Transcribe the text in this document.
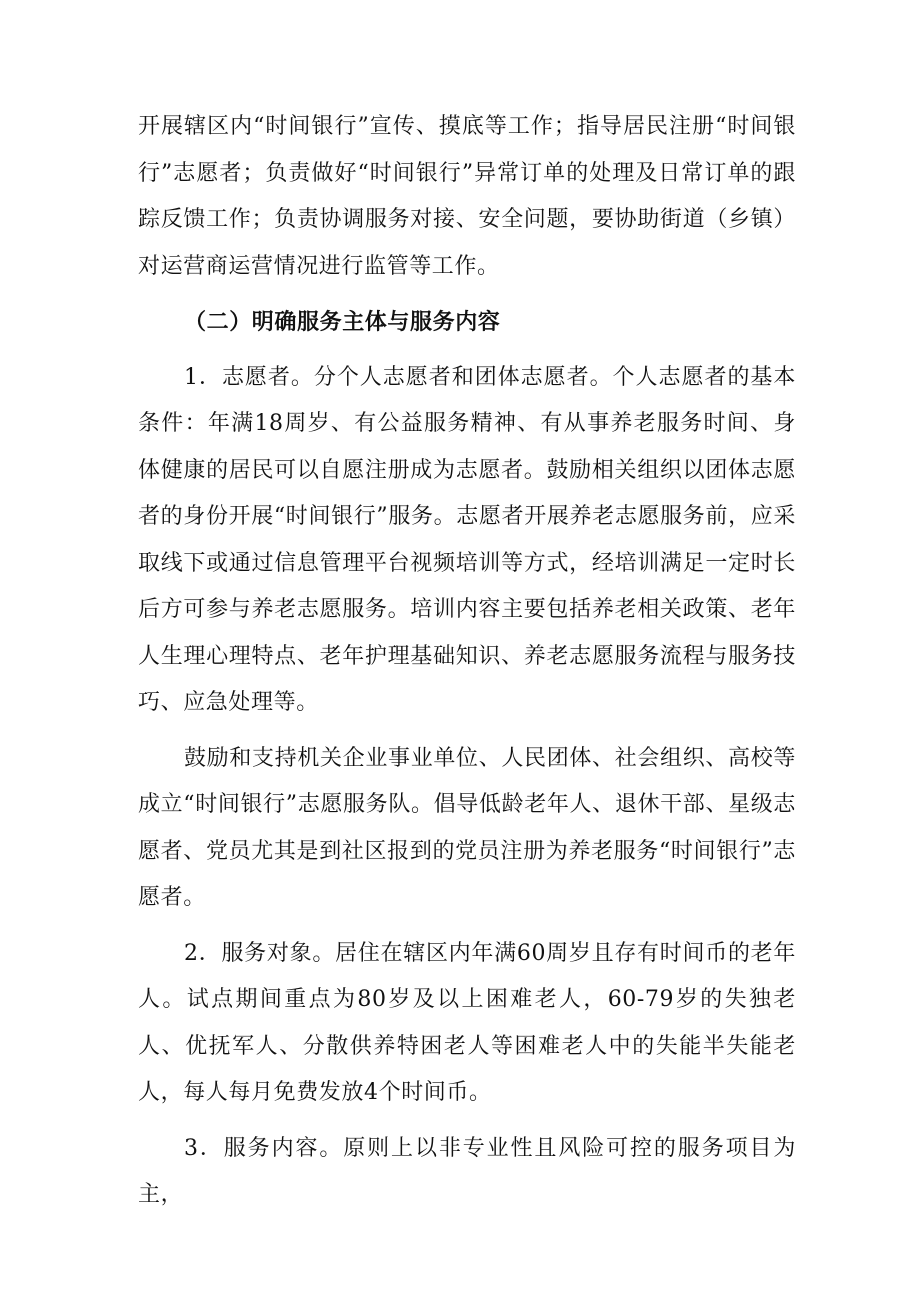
开展辖区内“时间银行”宣传、摸底等工作；指导居民注册“时间银行”志愿者；负责做好“时间银行”异常订单的处理及日常订单的跟踪反馈工作；负责协调服务对接、安全问题，要协助街道（乡镇）对运营商运营情况进行监管等工作。

（二）明确服务主体与服务内容

1．志愿者。分个人志愿者和团体志愿者。个人志愿者的基本条件：年满18周岁、有公益服务精神、有从事养老服务时间、身体健康的居民可以自愿注册成为志愿者。鼓励相关组织以团体志愿者的身份开展“时间银行”服务。志愿者开展养老志愿服务前，应采取线下或通过信息管理平台视频培训等方式，经培训满足一定时长后方可参与养老志愿服务。培训内容主要包括养老相关政策、老年人生理心理特点、老年护理基础知识、养老志愿服务流程与服务技巧、应急处理等。

鼓励和支持机关企业事业单位、人民团体、社会组织、高校等成立“时间银行”志愿服务队。倡导低龄老年人、退休干部、星级志愿者、党员尤其是到社区报到的党员注册为养老服务“时间银行”志愿者。

2．服务对象。居住在辖区内年满60周岁且存有时间币的老年人。试点期间重点为80岁及以上困难老人，60-79岁的失独老人、优抚军人、分散供养特困老人等困难老人中的失能半失能老人，每人每月免费发放4个时间币。

3．服务内容。原则上以非专业性且风险可控的服务项目为主，
